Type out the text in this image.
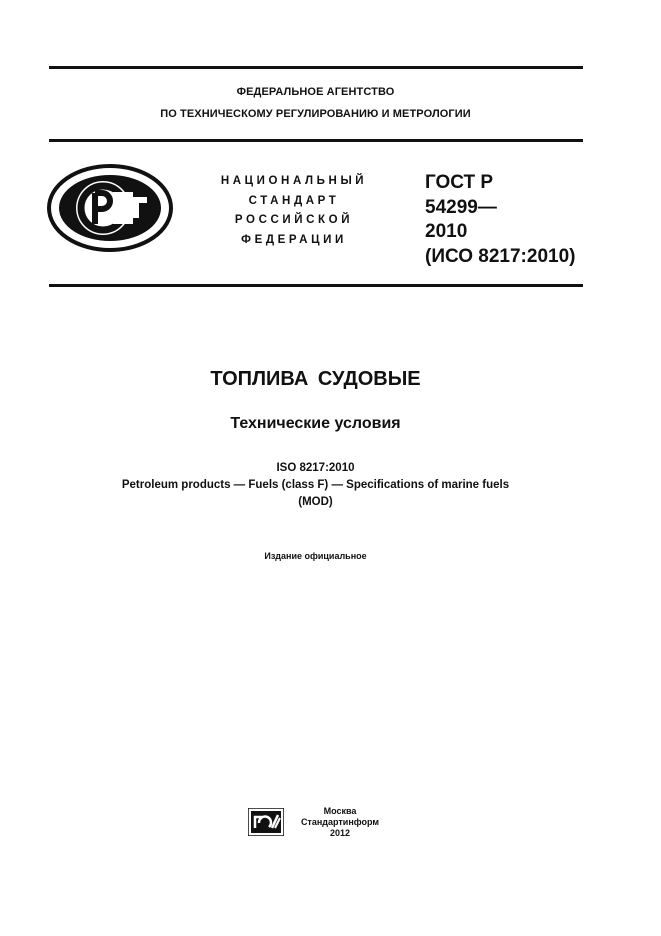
ФЕДЕРАЛЬНОЕ АГЕНТСТВО
ПО ТЕХНИЧЕСКОМУ РЕГУЛИРОВАНИЮ И МЕТРОЛОГИИ
НАЦИОНАЛЬНЫЙ
СТАНДАРТ
РОССИЙСКОЙ
ФЕДЕРАЦИИ
ГОСТ Р
54299—
2010
(ИСО 8217:2010)
ТОПЛИВА СУДОВЫЕ
Технические условия
ISO 8217:2010
Petroleum products — Fuels (class F) — Specifications of marine fuels
(MOD)
Издание официальное
Москва
Стандартинформ
2012
